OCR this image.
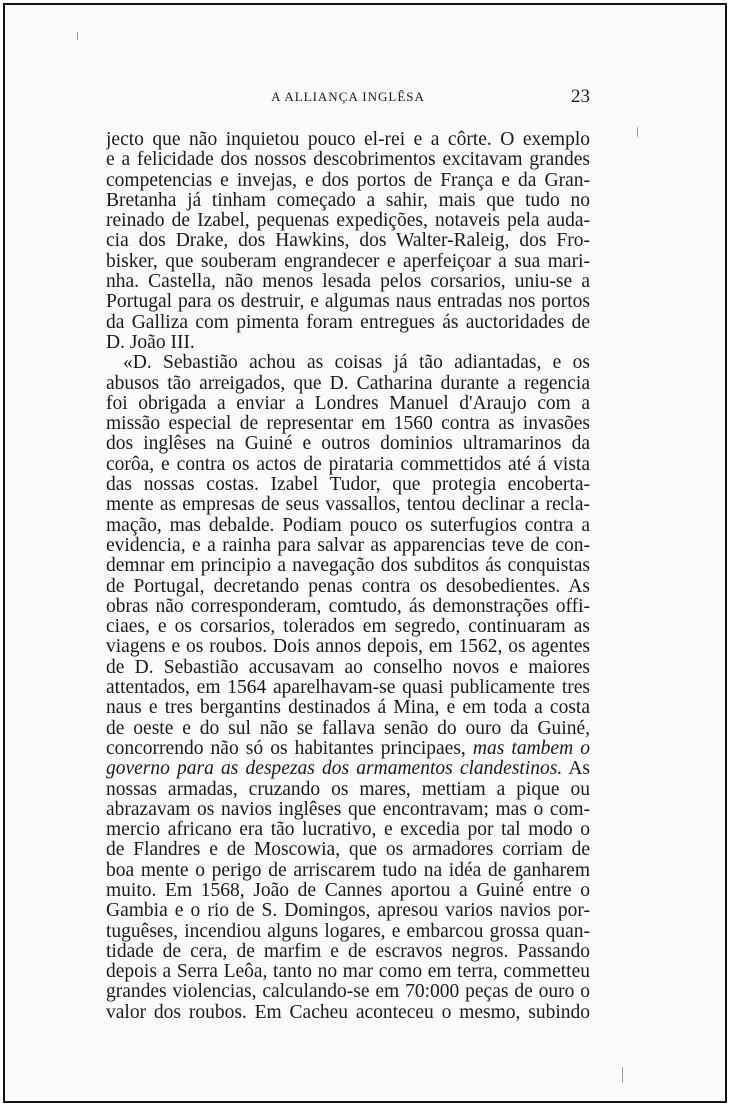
A ALLIANÇA INGLÊSA	23
jecto que não inquietou pouco el-rei e a côrte. O exemplo
e a felicidade dos nossos descobrimentos excitavam grandes
competencias e invejas, e dos portos de França e da Gran-
Bretanha já tinham começado a sahir, mais que tudo no
reinado de Izabel, pequenas expedições, notaveis pela auda-
cia dos Drake, dos Hawkins, dos Walter-Raleig, dos Fro-
bisker, que souberam engrandecer e aperfeiçoar a sua mari-
nha. Castella, não menos lesada pelos corsarios, uniu-se a
Portugal para os destruir, e algumas naus entradas nos portos
da Galliza com pimenta foram entregues ás auctoridades de
D. João III.
«D. Sebastião achou as coisas já tão adiantadas, e os
abusos tão arreigados, que D. Catharina durante a regencia
foi obrigada a enviar a Londres Manuel d'Araujo com a
missão especial de representar em 1560 contra as invasões
dos inglêses na Guiné e outros dominios ultramarinos da
corôa, e contra os actos de pirataria commettidos até á vista
das nossas costas. Izabel Tudor, que protegia encoberta-
mente as empresas de seus vassallos, tentou declinar a recla-
mação, mas debalde. Podiam pouco os suterfugios contra a
evidencia, e a rainha para salvar as apparencias teve de con-
demnar em principio a navegação dos subditos ás conquistas
de Portugal, decretando penas contra os desobedientes. As
obras não corresponderam, comtudo, ás demonstrações offi-
ciaes, e os corsarios, tolerados em segredo, continuaram as
viagens e os roubos. Dois annos depois, em 1562, os agentes
de D. Sebastião accusavam ao conselho novos e maiores
attentados, em 1564 aparelhavam-se quasi publicamente tres
naus e tres bergantins destinados á Mina, e em toda a costa
de oeste e do sul não se fallava senão do ouro da Guiné,
concorrendo não só os habitantes principaes, mas tambem o
governo para as despezas dos armamentos clandestinos. As
nossas armadas, cruzando os mares, mettiam a pique ou
abrazavam os navios inglêses que encontravam; mas o com-
mercio africano era tão lucrativo, e excedia por tal modo o
de Flandres e de Moscowia, que os armadores corriam de
boa mente o perigo de arriscarem tudo na idéa de ganharem
muito. Em 1568, João de Cannes aportou a Guiné entre o
Gambia e o rio de S. Domingos, apresou varios navios por-
tuguêses, incendiou alguns logares, e embarcou grossa quan-
tidade de cera, de marfim e de escravos negros. Passando
depois a Serra Leôa, tanto no mar como em terra, commetteu
grandes violencias, calculando-se em 70:000 peças de ouro o
valor dos roubos. Em Cacheu aconteceu o mesmo, subindo
